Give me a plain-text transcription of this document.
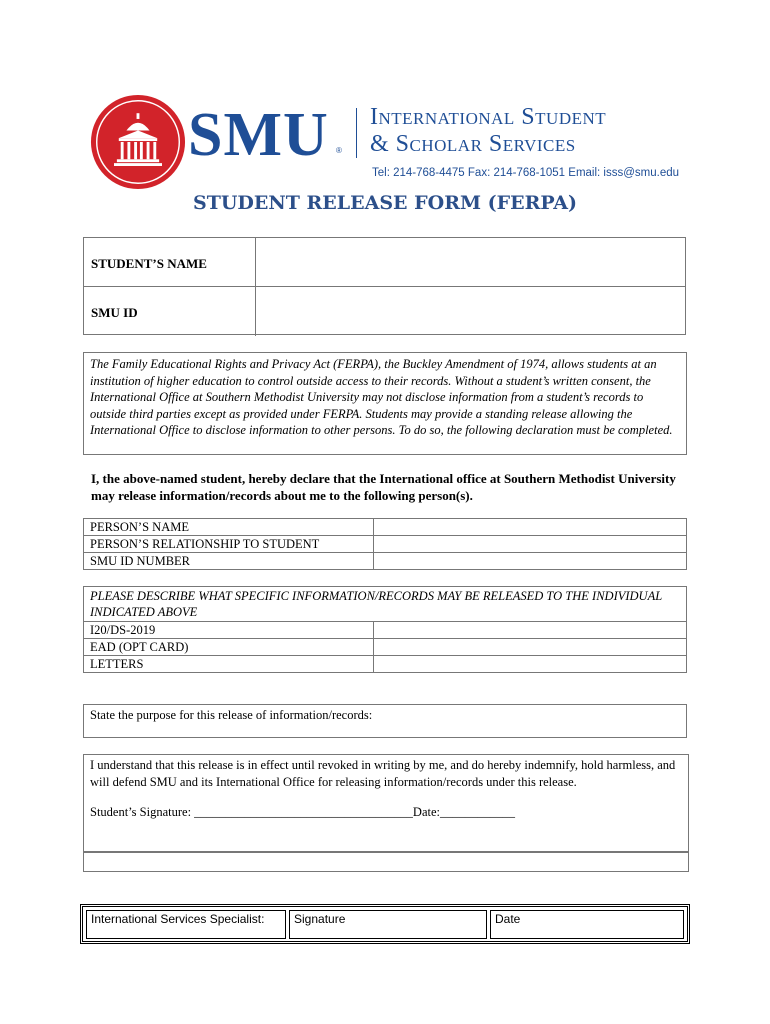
SMU ®
International Student
& Scholar Services
Tel: 214-768-4475 Fax: 214-768-1051 Email: isss@smu.edu
STUDENT RELEASE FORM (FERPA)
STUDENT’S NAME
SMU ID

The Family Educational Rights and Privacy Act (FERPA), the Buckley Amendment of 1974, allows students at an institution of higher education to control outside access to their records. Without a student’s written consent, the International Office at Southern Methodist University may not disclose information from a student’s records to outside third parties except as provided under FERPA. Students may provide a standing release allowing the International Office to disclose information to other persons. To do so, the following declaration must be completed.

I, the above-named student, hereby declare that the International office at Southern Methodist University may release information/records about me to the following person(s).

PERSON’S NAME	
PERSON’S RELATIONSHIP TO STUDENT	
SMU ID NUMBER	
PLEASE DESCRIBE WHAT SPECIFIC INFORMATION/RECORDS MAY BE RELEASED TO THE INDIVIDUAL INDICATED ABOVE	
I20/DS-2019	
EAD (OPT CARD)	
LETTERS	
State the purpose for this release of information/records:

I understand that this release is in effect until revoked in writing by me, and do hereby indemnify, hold harmless, and will defend SMU and its International Office for releasing information/records under this release.

Student’s Signature: ___________________________________Date:____________

International Services Specialist:	Signature	Date
